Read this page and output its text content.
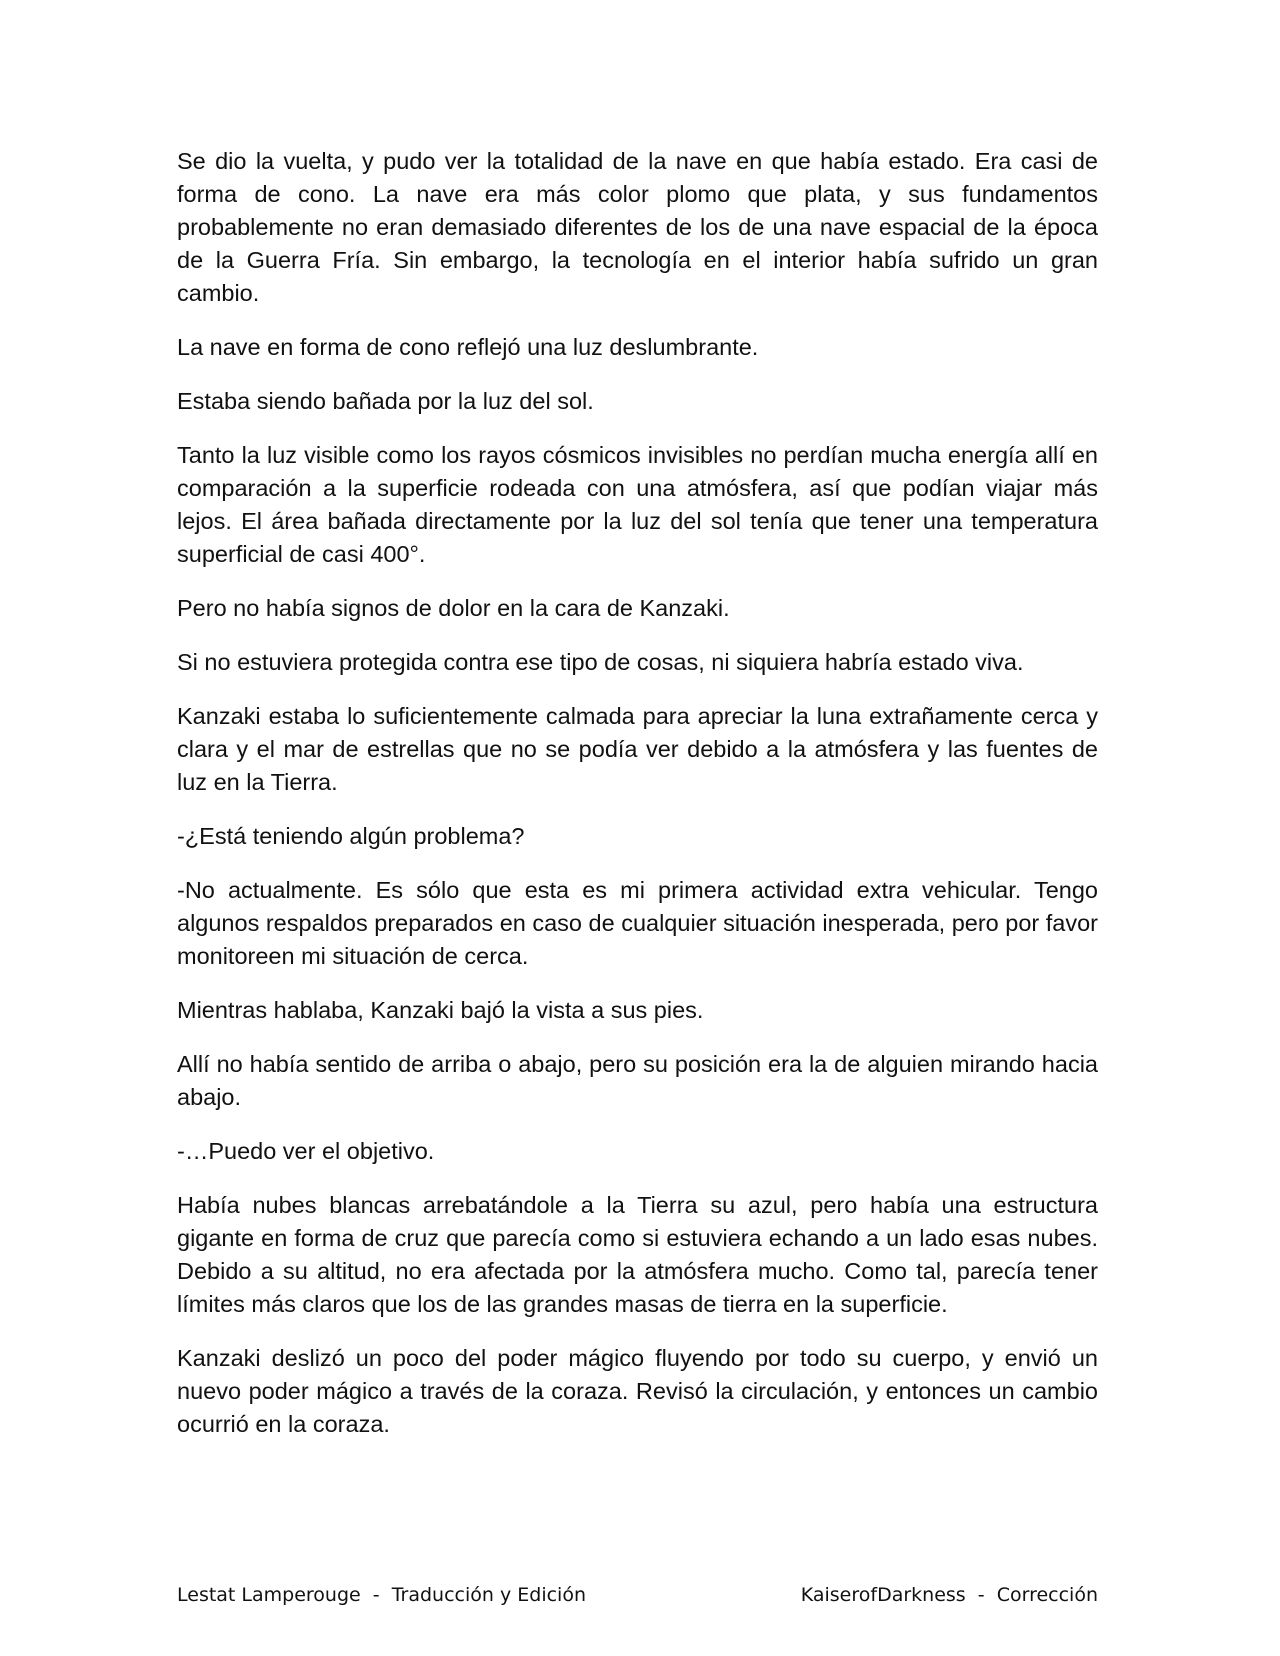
Se dio la vuelta, y pudo ver la totalidad de la nave en que había estado. Era casi de forma de cono. La nave era más color plomo que plata, y sus fundamentos probablemente no eran demasiado diferentes de los de una nave espacial de la época de la Guerra Fría. Sin embargo, la tecnología en el interior había sufrido un gran cambio.

La nave en forma de cono reflejó una luz deslumbrante.

Estaba siendo bañada por la luz del sol.

Tanto la luz visible como los rayos cósmicos invisibles no perdían mucha energía allí en comparación a la superficie rodeada con una atmósfera, así que podían viajar más lejos. El área bañada directamente por la luz del sol tenía que tener una temperatura superficial de casi 400°.

Pero no había signos de dolor en la cara de Kanzaki.

Si no estuviera protegida contra ese tipo de cosas, ni siquiera habría estado viva.

Kanzaki estaba lo suficientemente calmada para apreciar la luna extrañamente cerca y clara y el mar de estrellas que no se podía ver debido a la atmósfera y las fuentes de luz en la Tierra.

-¿Está teniendo algún problema?

-No actualmente. Es sólo que esta es mi primera actividad extra vehicular. Tengo algunos respaldos preparados en caso de cualquier situación inesperada, pero por favor monitoreen mi situación de cerca.

Mientras hablaba, Kanzaki bajó la vista a sus pies.

Allí no había sentido de arriba o abajo, pero su posición era la de alguien mirando hacia abajo.

-…Puedo ver el objetivo.

Había nubes blancas arrebatándole a la Tierra su azul, pero había una estructura gigante en forma de cruz que parecía como si estuviera echando a un lado esas nubes. Debido a su altitud, no era afectada por la atmósfera mucho. Como tal, parecía tener límites más claros que los de las grandes masas de tierra en la superficie.

Kanzaki deslizó un poco del poder mágico fluyendo por todo su cuerpo, y envió un nuevo poder mágico a través de la coraza. Revisó la circulación, y entonces un cambio ocurrió en la coraza.

Lestat Lamperouge  -  Traducción y Edición	KaiserofDarkness  -  Corrección
